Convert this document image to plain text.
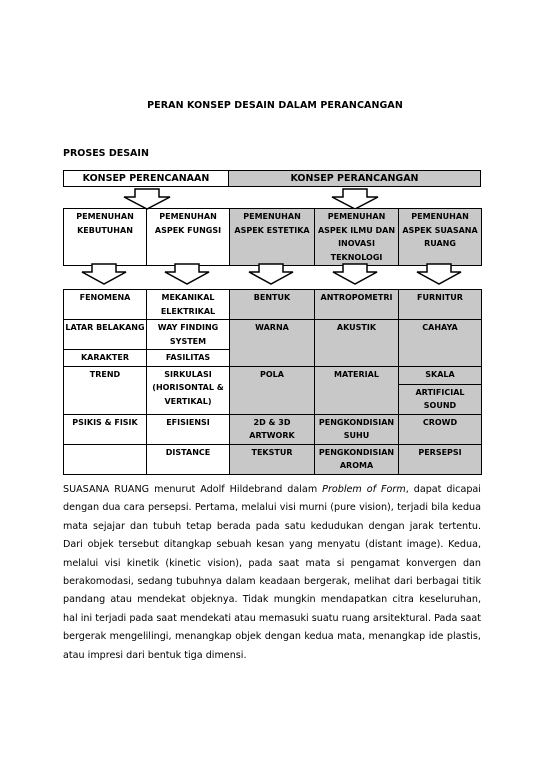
PERAN KONSEP DESAIN DALAM PERANCANGAN
PROSES DESAIN
KONSEP PERENCANAAN	KONSEP PERANCANGAN
PEMENUHAN KEBUTUHAN	PEMENUHAN ASPEK FUNGSI	PEMENUHAN ASPEK ESTETIKA	PEMENUHAN ASPEK ILMU DAN INOVASI TEKNOLOGI	PEMENUHAN ASPEK SUASANA RUANG
FENOMENA	MEKANIKAL ELEKTRIKAL	BENTUK	ANTROPOMETRI	FURNITUR
LATAR BELAKANG	WAY FINDING SYSTEM	WARNA	AKUSTIK	CAHAYA
KARAKTER	FASILITAS			
TREND	SIRKULASI (HORISONTAL & VERTIKAL)	POLA	MATERIAL	SKALA
				ARTIFICIAL SOUND
PSIKIS & FISIK	EFISIENSI	2D & 3D ARTWORK	PENGKONDISIAN SUHU	CROWD
	DISTANCE	TEKSTUR	PENGKONDISIAN AROMA	PERSEPSI
SUASANA RUANG menurut Adolf Hildebrand dalam Problem of Form, dapat dicapai dengan dua cara persepsi. Pertama, melalui visi murni (pure vision), terjadi bila kedua mata sejajar dan tubuh tetap berada pada satu kedudukan dengan jarak tertentu. Dari objek tersebut ditangkap sebuah kesan yang menyatu (distant image). Kedua, melalui visi kinetik (kinetic vision), pada saat mata si pengamat konvergen dan berakomodasi, sedang tubuhnya dalam keadaan bergerak, melihat dari berbagai titik pandang atau mendekat objeknya. Tidak mungkin mendapatkan citra keseluruhan, hal ini terjadi pada saat mendekati atau memasuki suatu ruang arsitektural. Pada saat bergerak mengelilingi, menangkap objek dengan kedua mata, menangkap ide plastis, atau impresi dari bentuk tiga dimensi.
